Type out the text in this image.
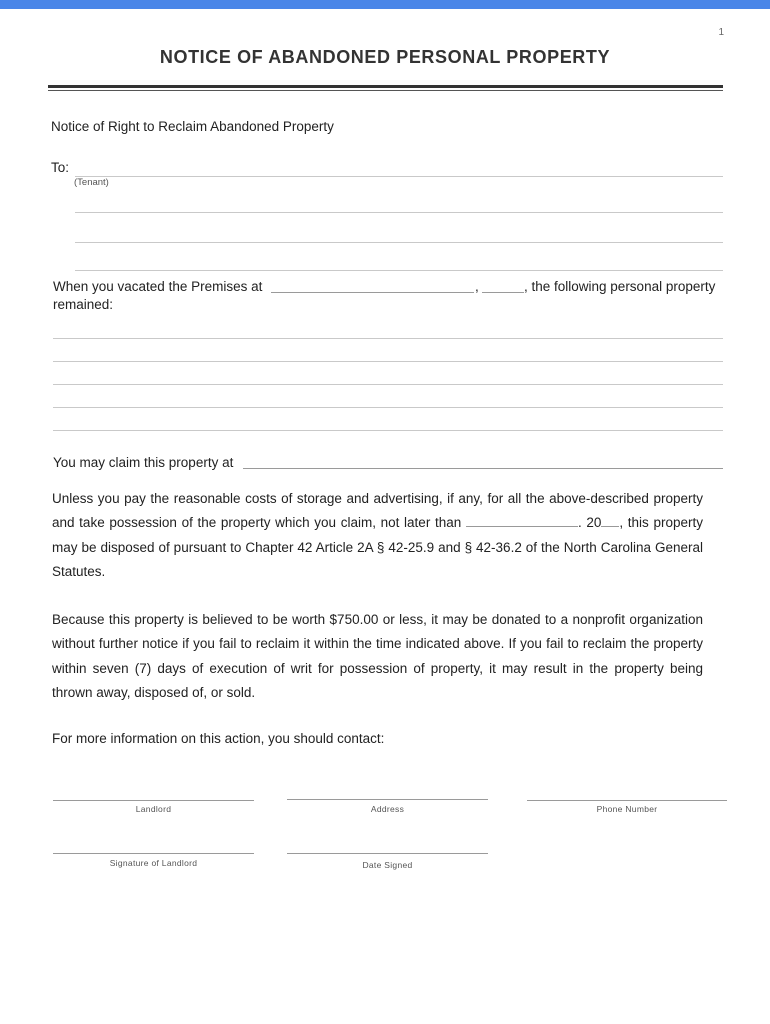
1
NOTICE OF ABANDONED PERSONAL PROPERTY
Notice of Right to Reclaim Abandoned Property
To:
(Tenant)
When you vacated the Premises at	,	, the following personal property
remained:
You may claim this property at
Unless you pay the reasonable costs of storage and advertising, if any, for all the above-described property and take possession of the property which you claim, not later than	. 20 , this property may be disposed of pursuant to Chapter 42 Article 2A § 42-25.9 and § 42-36.2 of the North Carolina General Statutes.
Because this property is believed to be worth $750.00 or less, it may be donated to a nonprofit organization without further notice if you fail to reclaim it within the time indicated above. If you fail to reclaim the property within seven (7) days of execution of writ for possession of property, it may result in the property being thrown away, disposed of, or sold.
For more information on this action, you should contact:
Landlord	Address	Phone Number
Signature of Landlord	Date Signed
